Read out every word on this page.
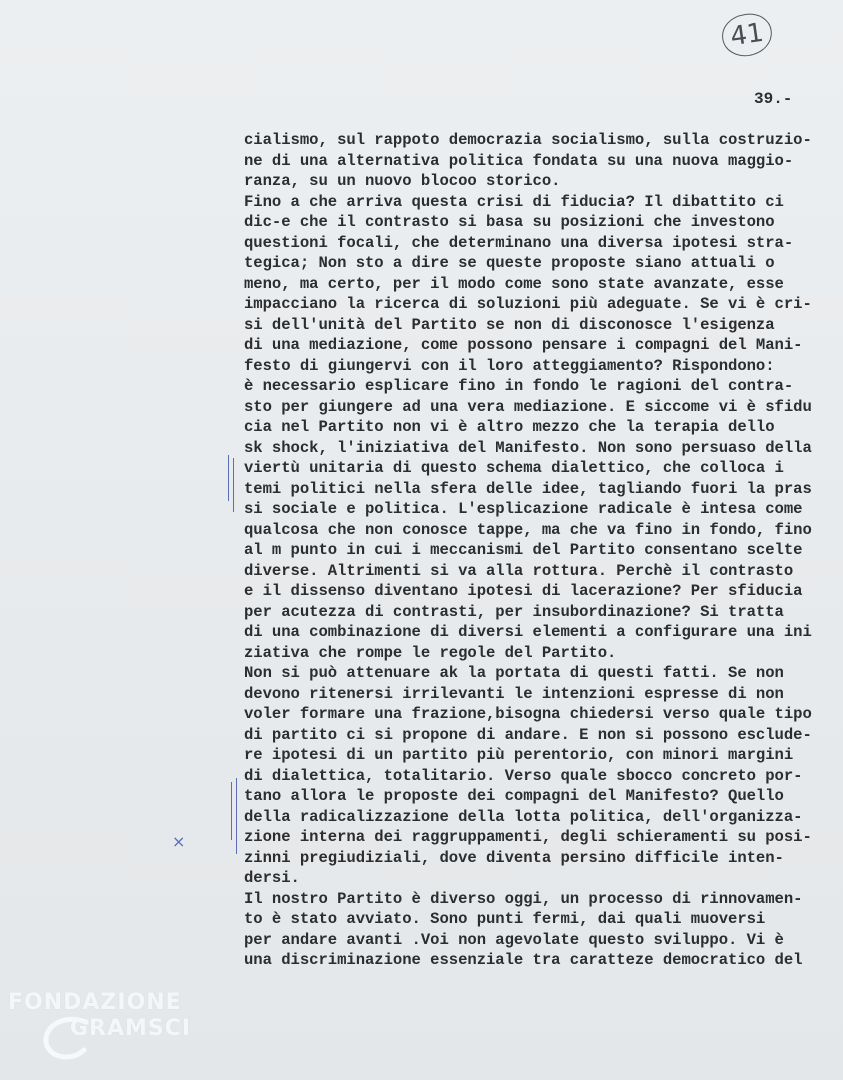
41
39.-
cialismo, sul rappoto democrazia socialismo, sulla costruzio-
ne di una alternativa politica fondata su una nuova maggio-
ranza, su un nuovo blocoo storico.
Fino a che arriva questa crisi di fiducia? Il dibattito ci
dic-e che il contrasto si basa su posizioni che investono
questioni focali, che determinano una diversa ipotesi stra-
tegica; Non sto a dire se queste proposte siano attuali o
meno, ma certo, per il modo come sono state avanzate, esse
impacciano la ricerca di soluzioni più adeguate. Se vi è cri-
si dell'unità del Partito se non di disconosce l'esigenza
di una mediazione, come possono pensare i compagni del Mani-
festo di giungervi con il loro atteggiamento? Rispondono:
è necessario esplicare fino in fondo le ragioni del contra-
sto per giungere ad una vera mediazione. E siccome vi è sfidu
cia nel Partito non vi è altro mezzo che la terapia dello
sk shock, l'iniziativa del Manifesto. Non sono persuaso della
viertù unitaria di questo schema dialettico, che colloca i
temi politici nella sfera delle idee, tagliando fuori la pras
si sociale e politica. L'esplicazione radicale è intesa come
qualcosa che non conosce tappe, ma che va fino in fondo, fino
al m punto in cui i meccanismi del Partito consentano scelte
diverse. Altrimenti si va alla rottura. Perchè il contrasto
e il dissenso diventano ipotesi di lacerazione? Per sfiducia
per acutezza di contrasti, per insubordinazione? Si tratta
di una combinazione di diversi elementi a configurare una ini
ziativa che rompe le regole del Partito.
Non si può attenuare ak la portata di questi fatti. Se non
devono ritenersi irrilevanti le intenzioni espresse di non
voler formare una frazione,bisogna chiedersi verso quale tipo
di partito ci si propone di andare. E non si possono esclude-
re ipotesi di un partito più perentorio, con minori margini
di dialettica, totalitario. Verso quale sbocco concreto por-
tano allora le proposte dei compagni del Manifesto? Quello
della radicalizzazione della lotta politica, dell'organizza-
zione interna dei raggruppamenti, degli schieramenti su posi-
zinni pregiudiziali, dove diventa persino difficile inten-
dersi.
Il nostro Partito è diverso oggi, un processo di rinnovamen-
to è stato avviato. Sono punti fermi, dai quali muoversi
per andare avanti .Voi non agevolate questo sviluppo. Vi è
una discriminazione essenziale tra caratteze democratico del
×
FONDAZIONE
GRAMSCI
